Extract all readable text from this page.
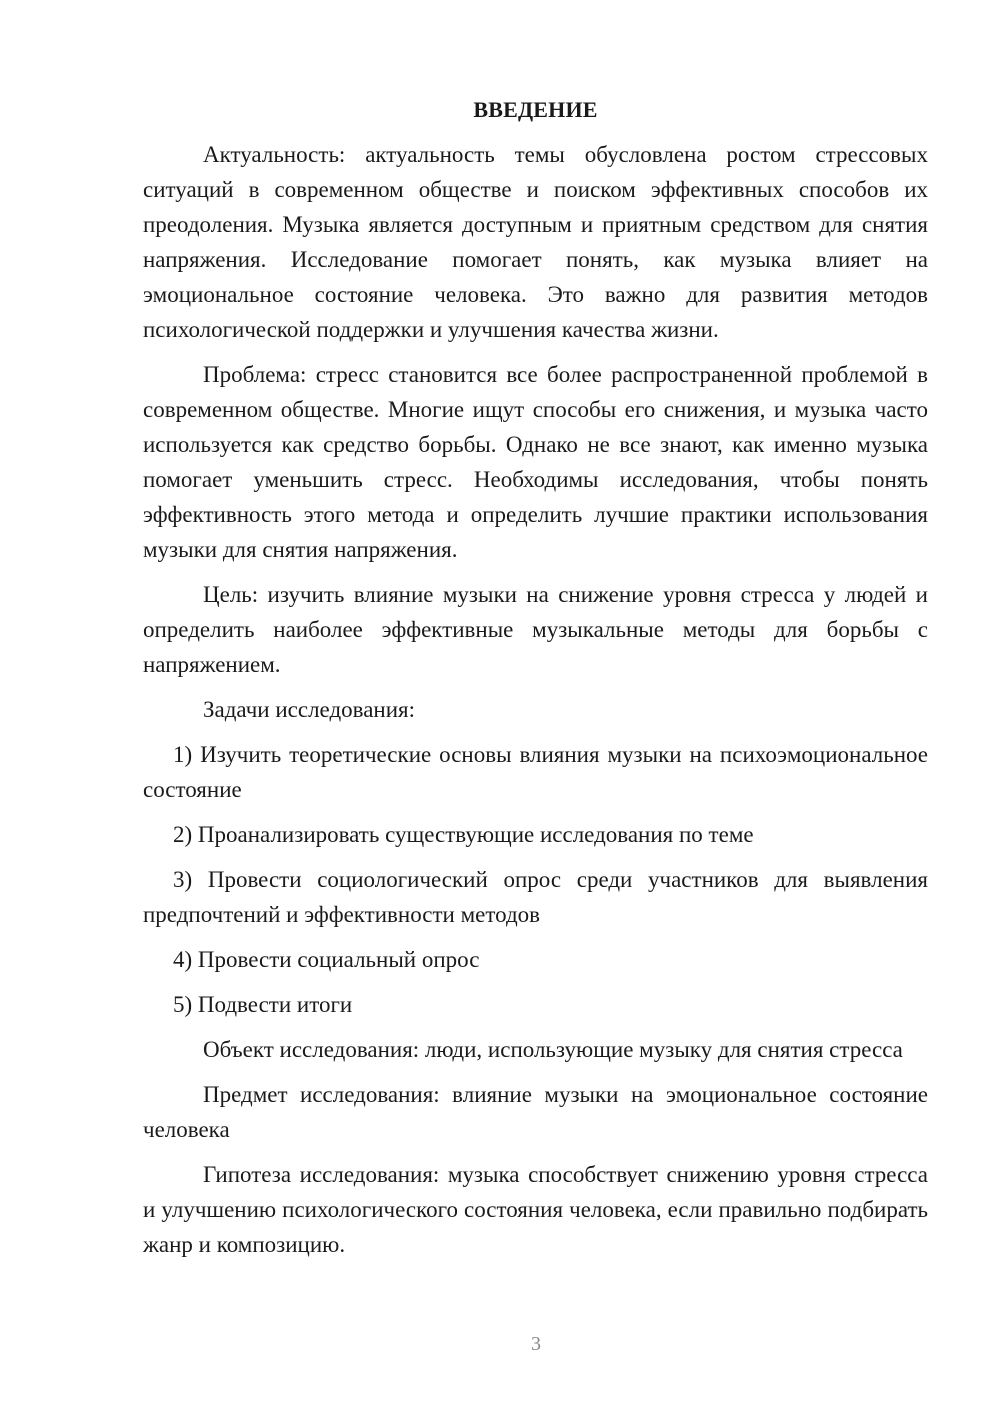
ВВЕДЕНИЕ

Актуальность: актуальность темы обусловлена ростом стрессовых ситуаций в современном обществе и поиском эффективных способов их преодоления. Музыка является доступным и приятным средством для снятия напряжения. Исследование помогает понять, как музыка влияет на эмоциональное состояние человека. Это важно для развития методов психологической поддержки и улучшения качества жизни.

Проблема: стресс становится все более распространенной проблемой в современном обществе. Многие ищут способы его снижения, и музыка часто используется как средство борьбы. Однако не все знают, как именно музыка помогает уменьшить стресс. Необходимы исследования, чтобы понять эффективность этого метода и определить лучшие практики использования музыки для снятия напряжения.

Цель: изучить влияние музыки на снижение уровня стресса у людей и определить наиболее эффективные музыкальные методы для борьбы с напряжением.

Задачи исследования:

1) Изучить теоретические основы влияния музыки на психоэмоциональное состояние

2) Проанализировать существующие исследования по теме

3) Провести социологический опрос среди участников для выявления предпочтений и эффективности методов

4) Провести социальный опрос

5) Подвести итоги

Объект исследования: люди, использующие музыку для снятия стресса

Предмет исследования: влияние музыки на эмоциональное состояние человека

Гипотеза исследования: музыка способствует снижению уровня стресса и улучшению психологического состояния человека, если правильно подбирать жанр и композицию.

3
